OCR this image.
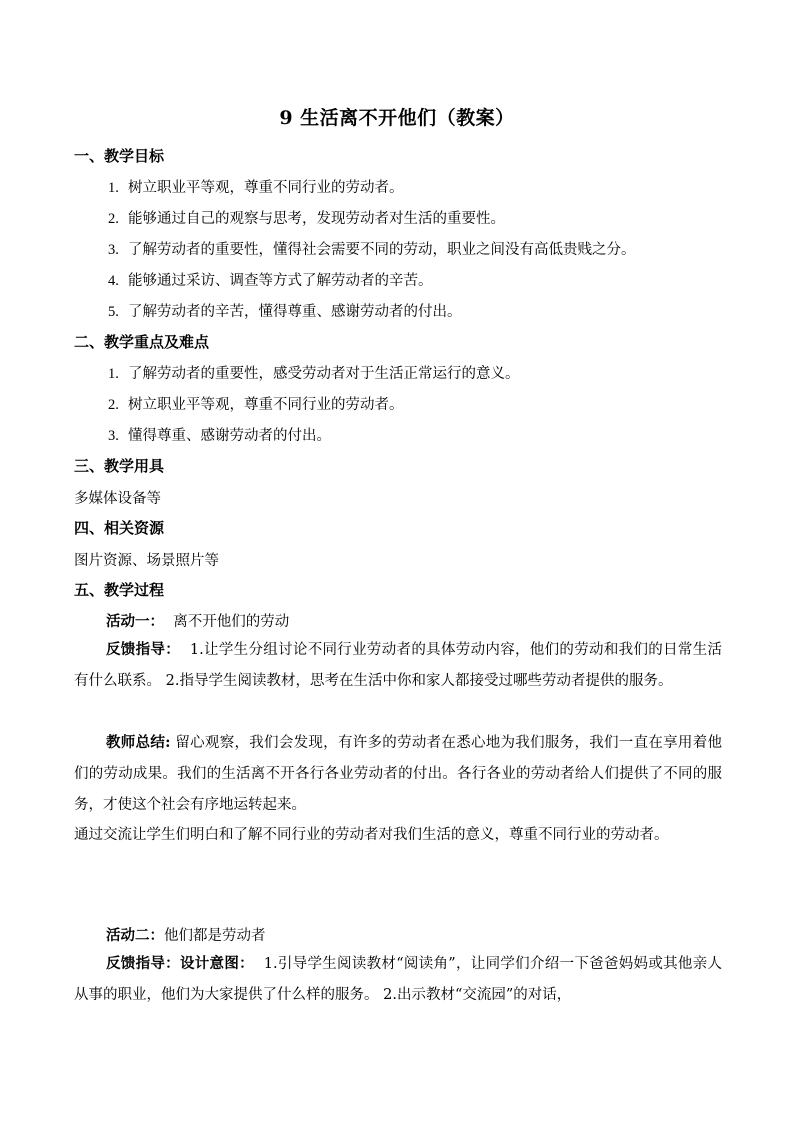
9 生活离不开他们（教案）
一、教学目标
1. 树立职业平等观，尊重不同行业的劳动者。
2. 能够通过自己的观察与思考，发现劳动者对生活的重要性。
3. 了解劳动者的重要性，懂得社会需要不同的劳动，职业之间没有高低贵贱之分。
4. 能够通过采访、调查等方式了解劳动者的辛苦。
5. 了解劳动者的辛苦，懂得尊重、感谢劳动者的付出。
二、教学重点及难点
1. 了解劳动者的重要性，感受劳动者对于生活正常运行的意义。
2. 树立职业平等观，尊重不同行业的劳动者。
3. 懂得尊重、感谢劳动者的付出。
三、教学用具
多媒体设备等
四、相关资源
图片资源、场景照片等
五、教学过程
活动一： 离不开他们的劳动
反馈指导： 1.让学生分组讨论不同行业劳动者的具体劳动内容，他们的劳动和我们的日常生活有什么联系。 2.指导学生阅读教材，思考在生活中你和家人都接受过哪些劳动者提供的服务。
教师总结: 留心观察，我们会发现，有许多的劳动者在悉心地为我们服务，我们一直在享用着他们的劳动成果。我们的生活离不开各行各业劳动者的付出。各行各业的劳动者给人们提供了不同的服务，才使这个社会有序地运转起来。
通过交流让学生们明白和了解不同行业的劳动者对我们生活的意义，尊重不同行业的劳动者。
活动二：他们都是劳动者
反馈指导：设计意图： 1.引导学生阅读教材“阅读角”，让同学们介绍一下爸爸妈妈或其他亲人从事的职业，他们为大家提供了什么样的服务。 2.出示教材“交流园”的对话，
